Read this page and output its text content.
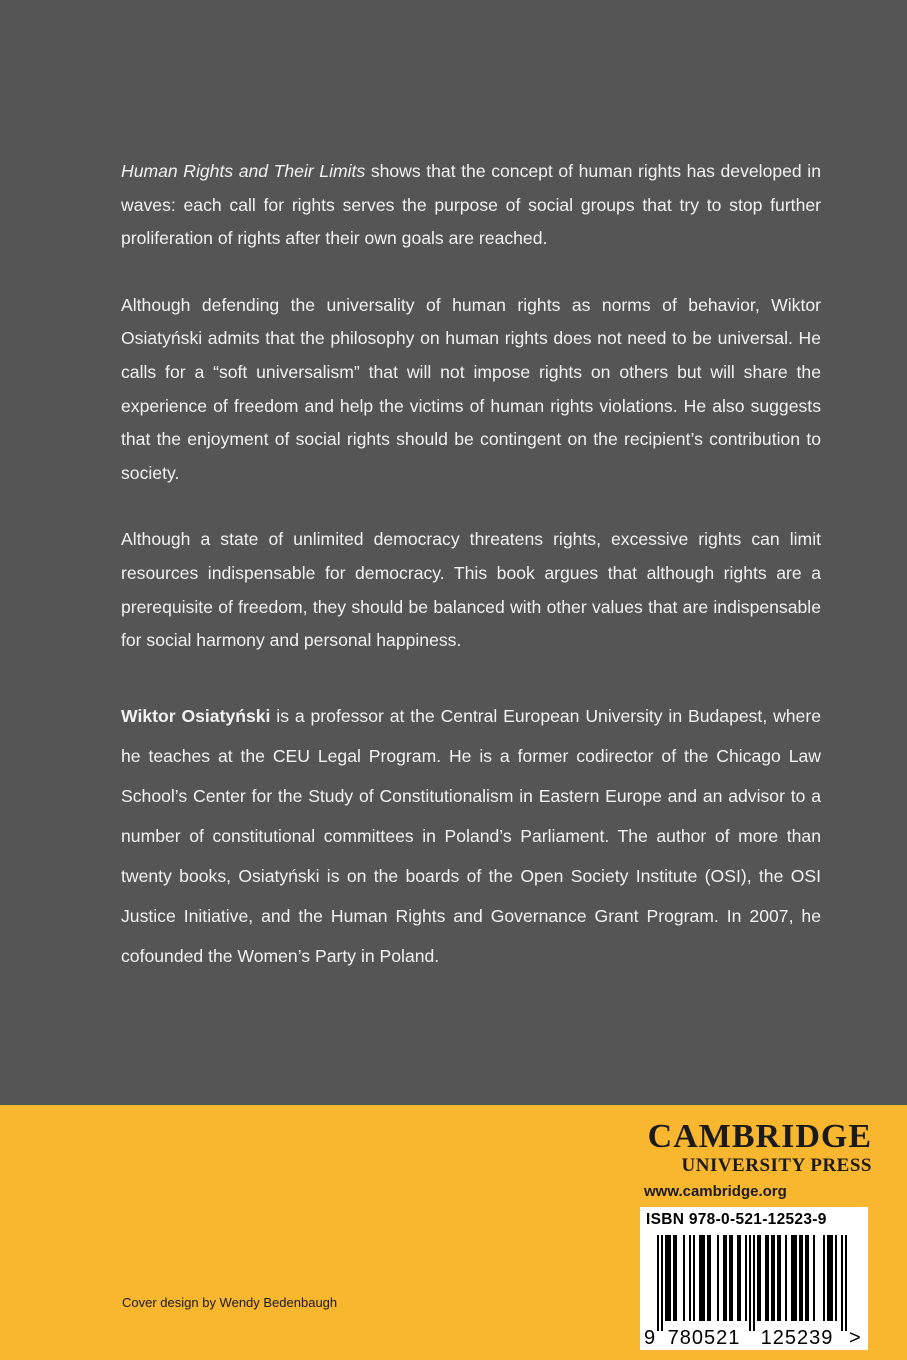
Human Rights and Their Limits shows that the concept of human rights has developed in waves: each call for rights serves the purpose of social groups that try to stop further proliferation of rights after their own goals are reached.

Although defending the universality of human rights as norms of behavior, Wiktor Osiatyński admits that the philosophy on human rights does not need to be universal. He calls for a “soft universalism” that will not impose rights on others but will share the experience of freedom and help the victims of human rights violations. He also suggests that the enjoyment of social rights should be contingent on the recipient’s contribution to society.

Although a state of unlimited democracy threatens rights, excessive rights can limit resources indispensable for democracy. This book argues that although rights are a prerequisite of freedom, they should be balanced with other values that are indispensable for social harmony and personal happiness.

Wiktor Osiatyński is a professor at the Central European University in Budapest, where he teaches at the CEU Legal Program. He is a former codirector of the Chicago Law School’s Center for the Study of Constitutionalism in Eastern Europe and an advisor to a number of constitutional committees in Poland’s Parliament. The author of more than twenty books, Osiatyński is on the boards of the Open Society Institute (OSI), the OSI Justice Initiative, and the Human Rights and Governance Grant Program. In 2007, he cofounded the Women’s Party in Poland.

Cover design by Wendy Bedenbaugh
CAMBRIDGE
UNIVERSITY PRESS
www.cambridge.org
ISBN 978-0-521-12523-9
9 780521 125239 >
